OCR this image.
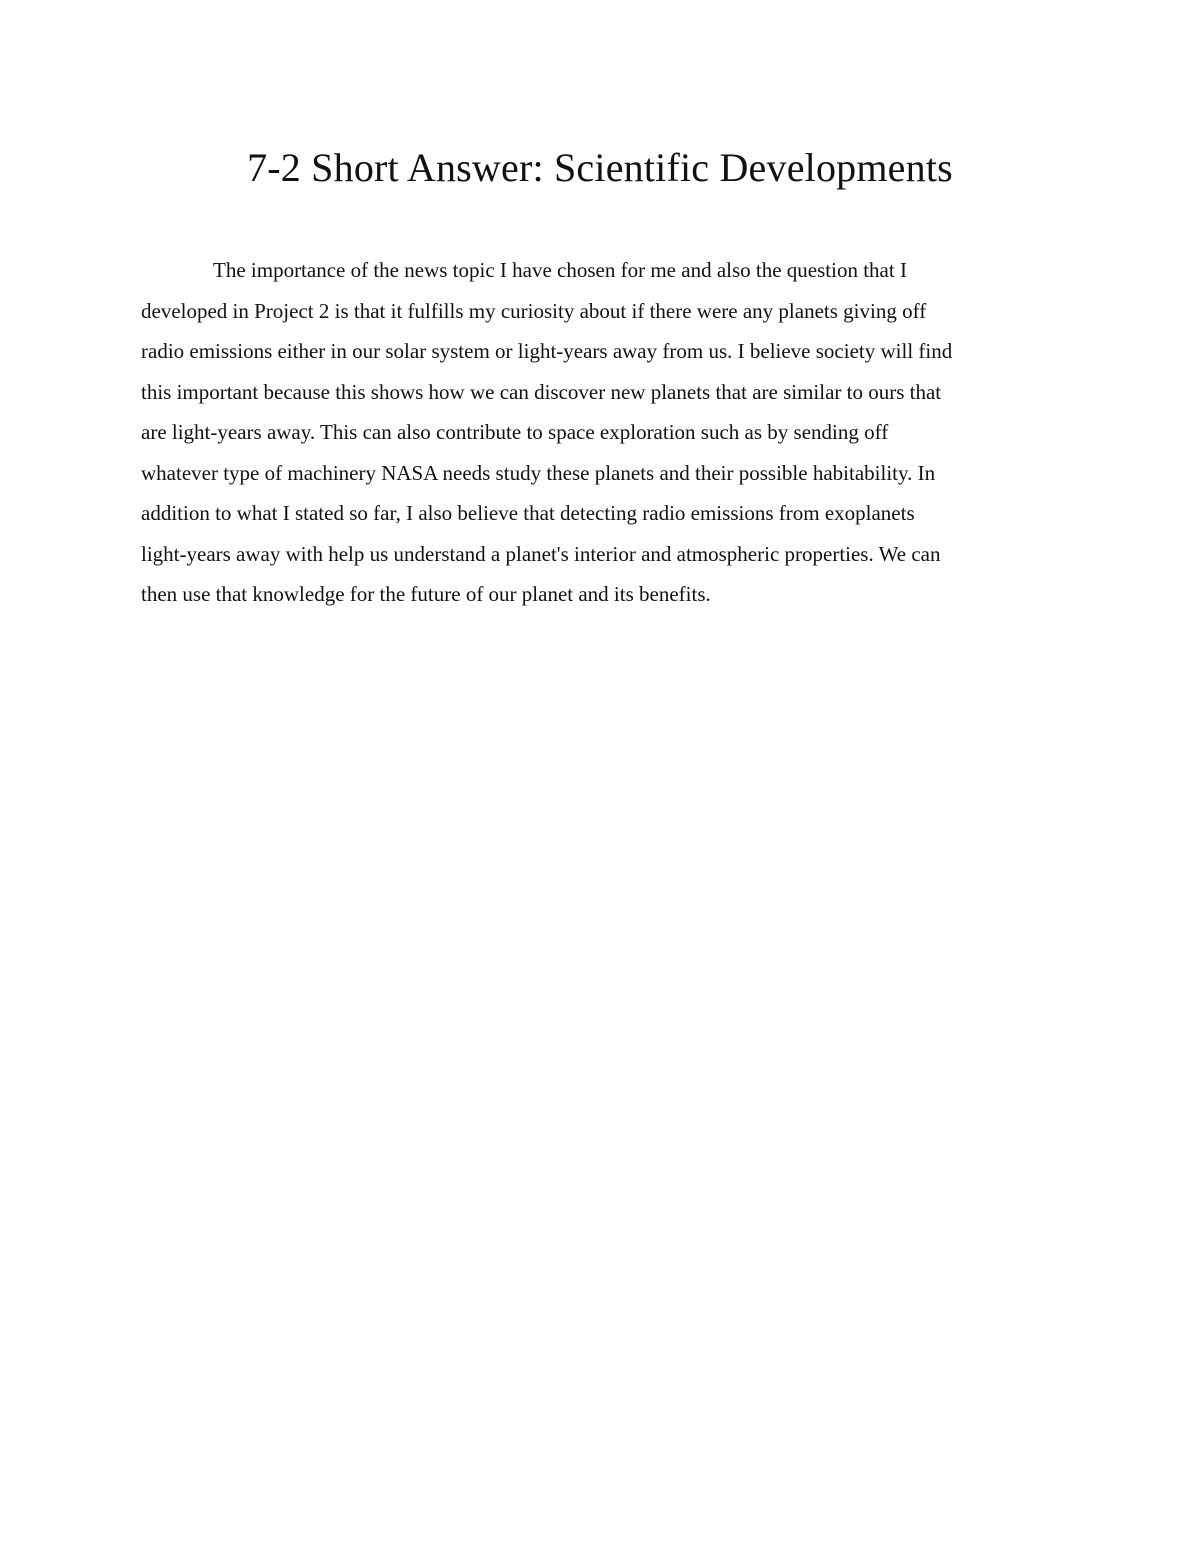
7-2 Short Answer: Scientific Developments
The importance of the news topic I have chosen for me and also the question that I
developed in Project 2 is that it fulfills my curiosity about if there were any planets giving off
radio emissions either in our solar system or light-years away from us. I believe society will find
this important because this shows how we can discover new planets that are similar to ours that
are light-years away. This can also contribute to space exploration such as by sending off
whatever type of machinery NASA needs study these planets and their possible habitability. In
addition to what I stated so far, I also believe that detecting radio emissions from exoplanets
light-years away with help us understand a planet's interior and atmospheric properties. We can
then use that knowledge for the future of our planet and its benefits.
